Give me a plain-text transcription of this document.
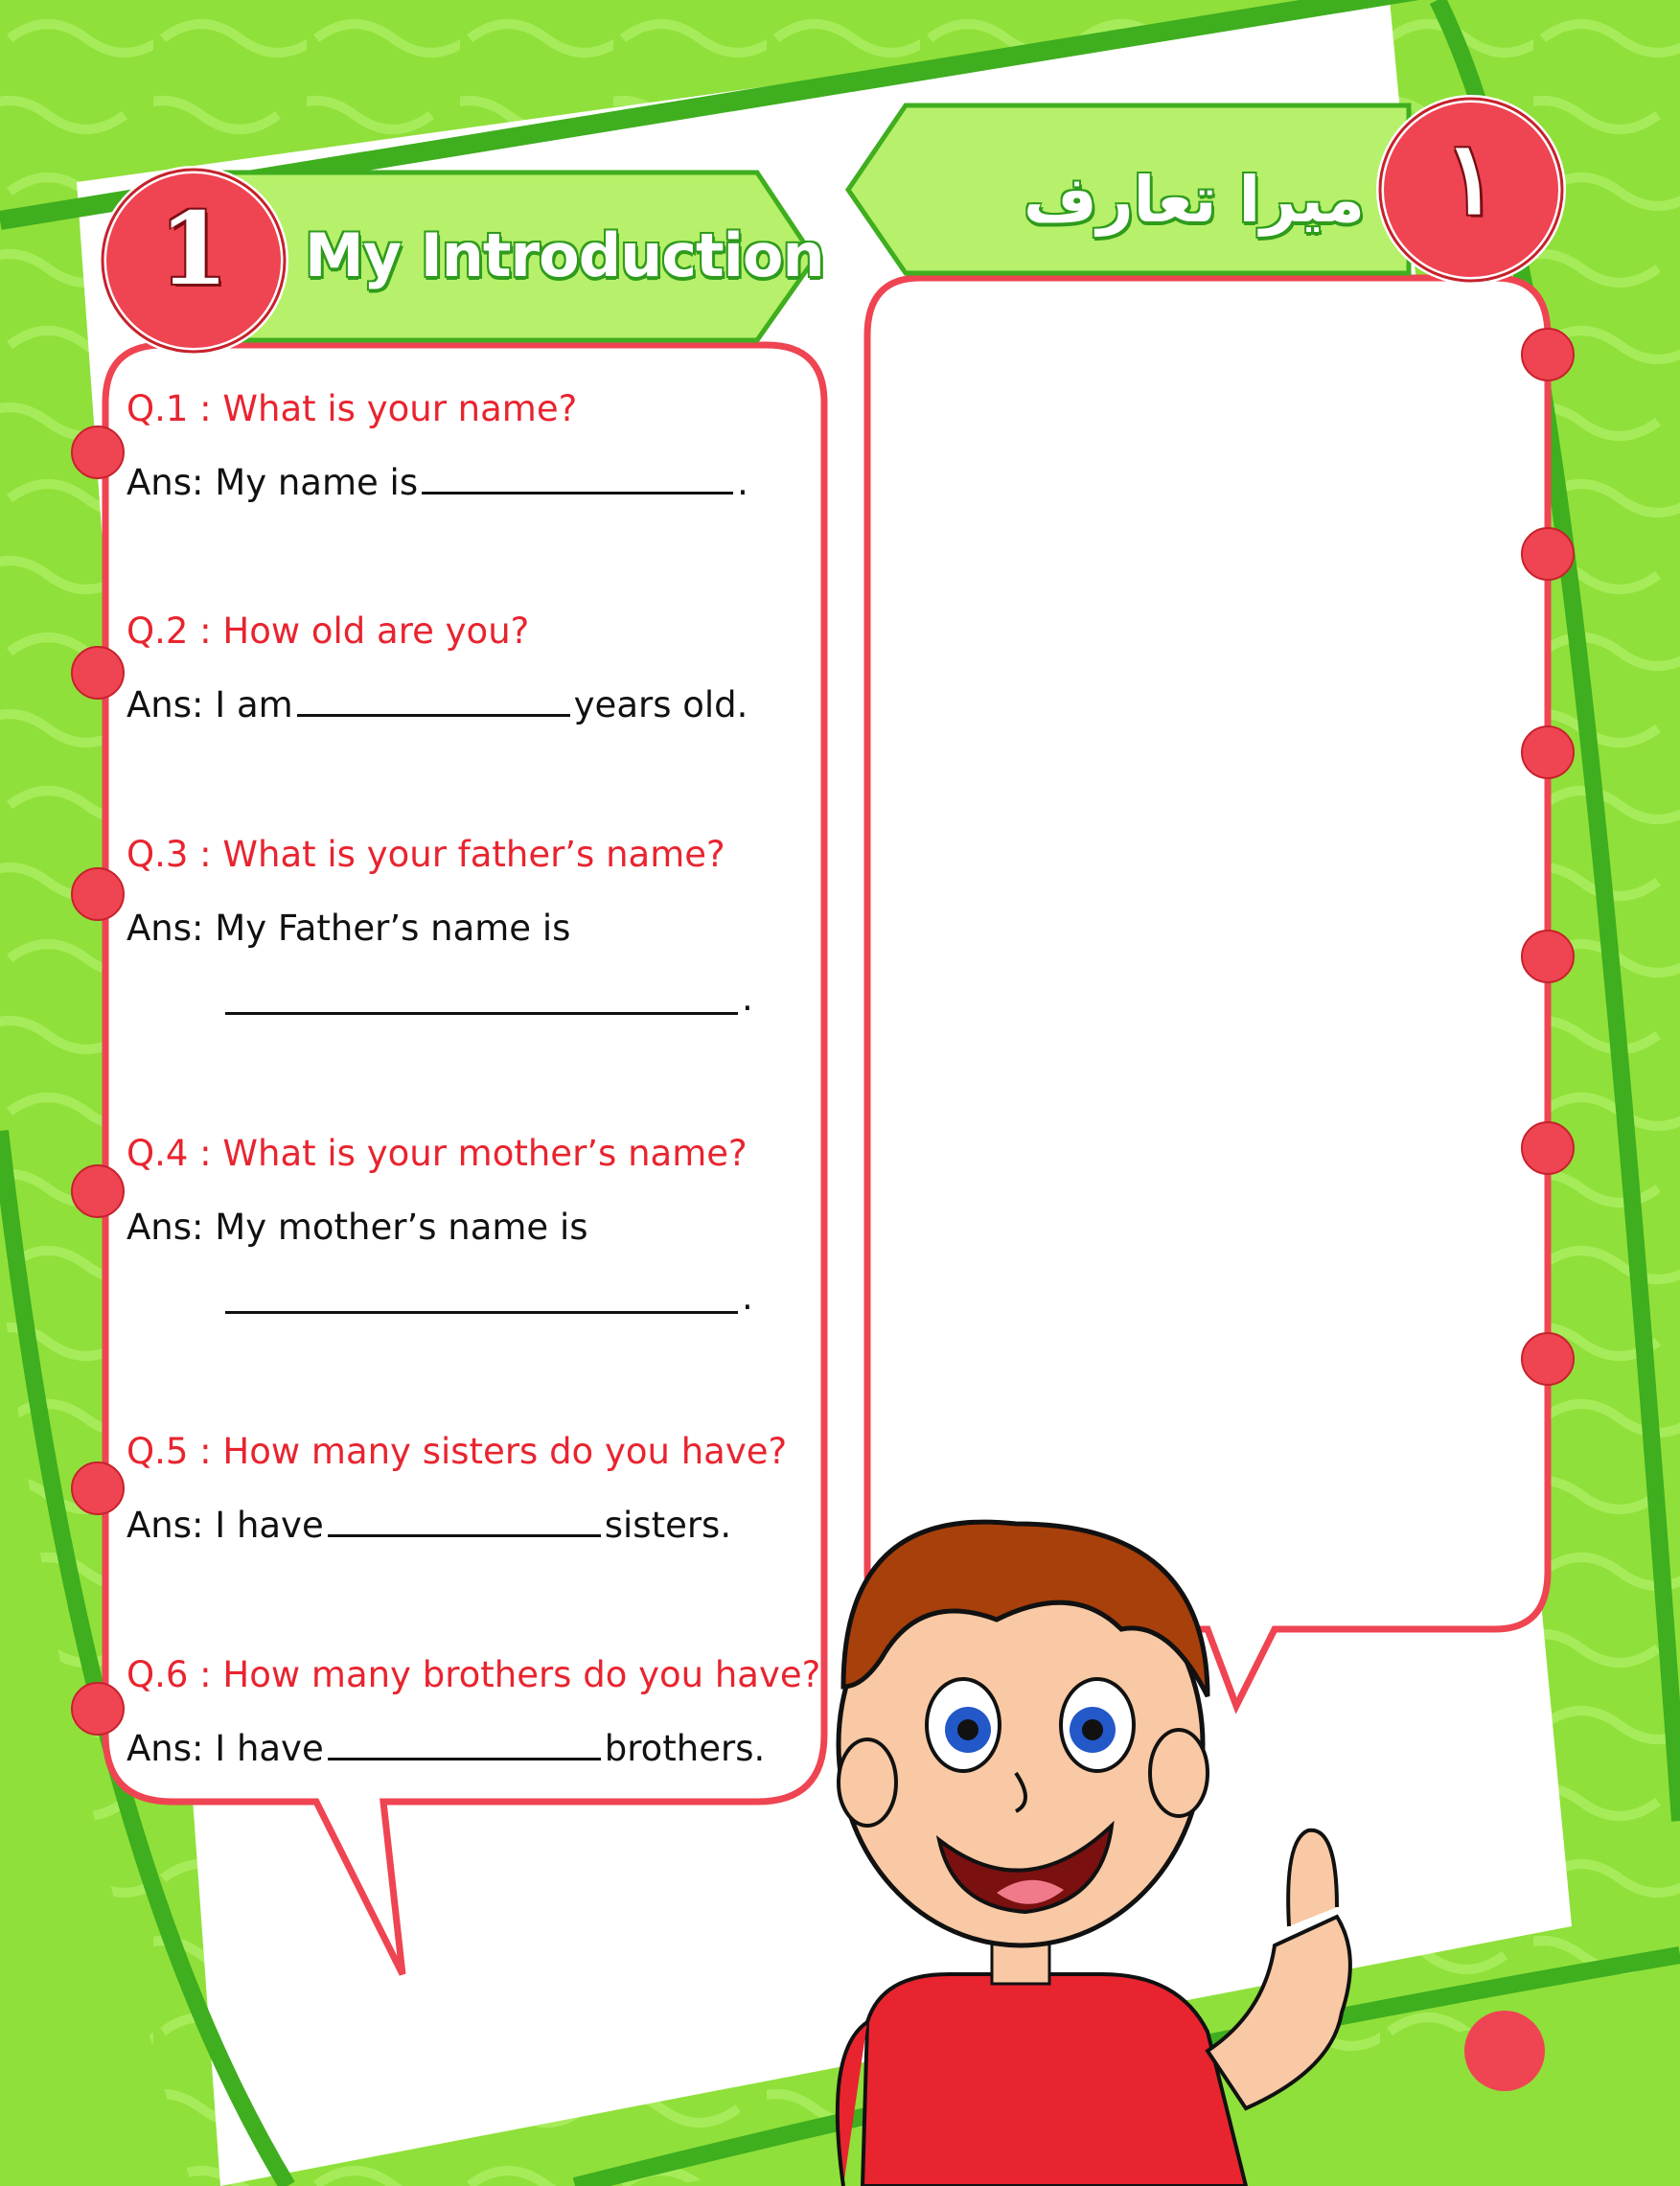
1	My Introduction
١
میرا تعارف
Q.1 : What is your name?
Ans: My name is	.
Q.2 : How old are you?
Ans: I am	years old.
Q.3 : What is your father’s name?
Ans: My Father’s name is
.
Q.4 : What is your mother’s name?
Ans: My mother’s name is
.
Q.5 : How many sisters do you have?
Ans: I have	sisters.
Q.6 : How many brothers do you have?
Ans: I have	brothers.
